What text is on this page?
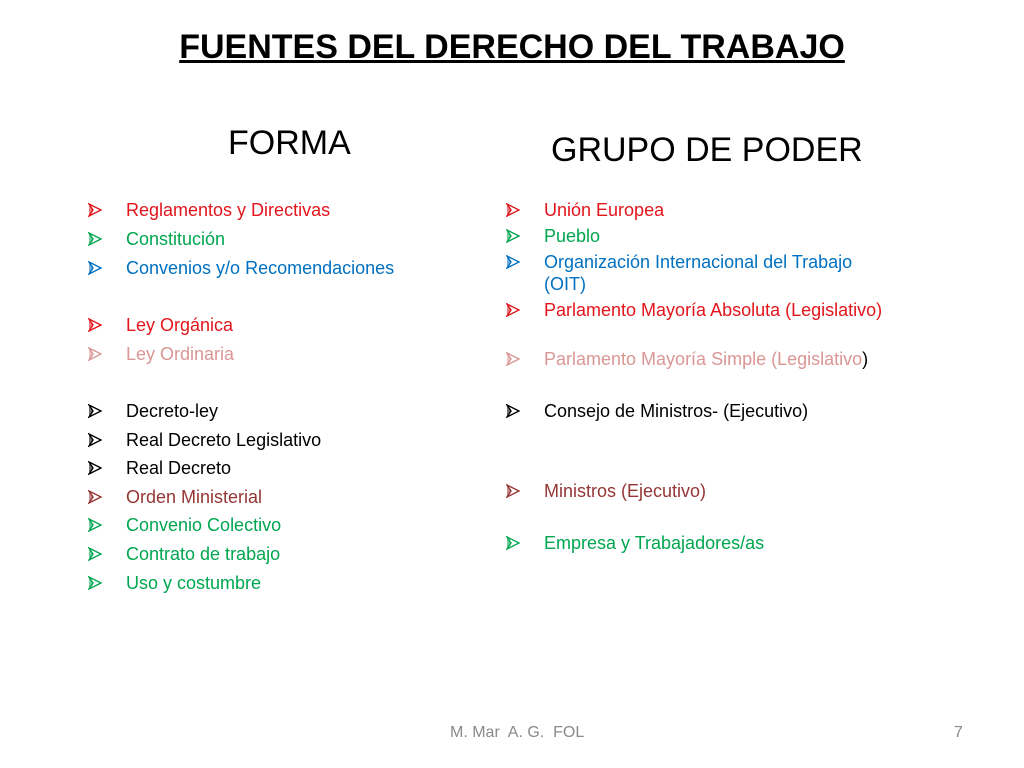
FUENTES DEL DERECHO DEL TRABAJO
FORMA	GRUPO DE PODER
Reglamentos y Directivas
Constitución
Convenios y/o Recomendaciones
Ley Orgánica
Ley Ordinaria
Decreto-ley
Real Decreto Legislativo
Real Decreto
Orden Ministerial
Convenio Colectivo
Contrato de trabajo
Uso y costumbre
Unión Europea
Pueblo
Organización Internacional del Trabajo (OIT)
Parlamento Mayoría Absoluta (Legislativo)
Parlamento Mayoría Simple (Legislativo)
Consejo de Ministros- (Ejecutivo)
Ministros (Ejecutivo)
Empresa y Trabajadores/as
M. Mar  A. G.  FOL	7
